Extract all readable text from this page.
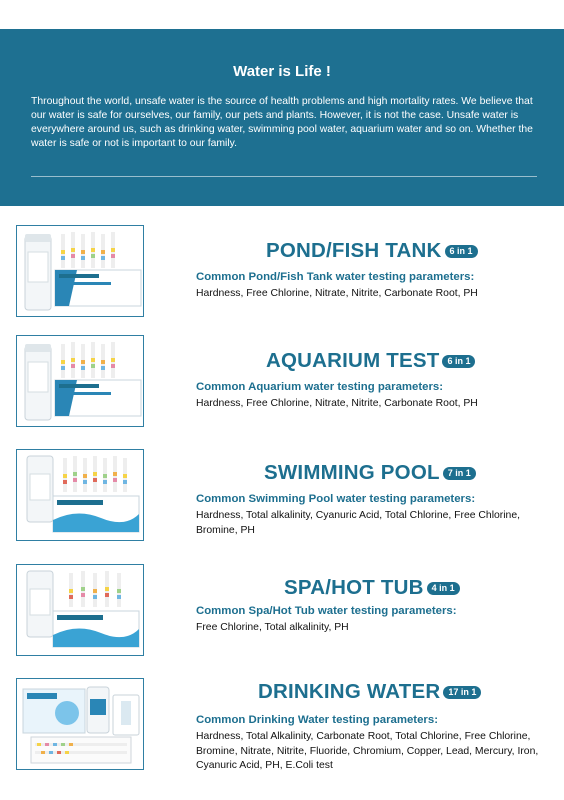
Water is Life !

Throughout the world, unsafe water is the source of health problems and high mortality rates. We believe that our water is safe for ourselves, our family, our pets and plants. However, it is not the case. Unsafe water is everywhere around us, such as drinking water, swimming pool water, aquarium water and so on. Whether the water is safe or not is important to our family.

POND/FISH TANK 6 in 1
Common Pond/Fish Tank water testing parameters:
Hardness, Free Chlorine, Nitrate, Nitrite, Carbonate Root, PH
AQUARIUM TEST 6 in 1
Common Aquarium water testing parameters:
Hardness, Free Chlorine, Nitrate, Nitrite, Carbonate Root, PH
SWIMMING POOL 7 in 1
Common Swimming Pool water testing parameters:
Hardness, Total alkalinity, Cyanuric Acid, Total Chlorine, Free Chlorine, Bromine, PH
SPA/HOT TUB 4 in 1
Common Spa/Hot Tub water testing parameters:
Free Chlorine, Total alkalinity, PH
DRINKING WATER 17 in 1
Common Drinking Water testing parameters:
Hardness, Total Alkalinity, Carbonate Root, Total Chlorine, Free Chlorine, Bromine, Nitrate, Nitrite, Fluoride, Chromium, Copper, Lead, Mercury, Iron, Cyanuric Acid, PH, E.Coli test
